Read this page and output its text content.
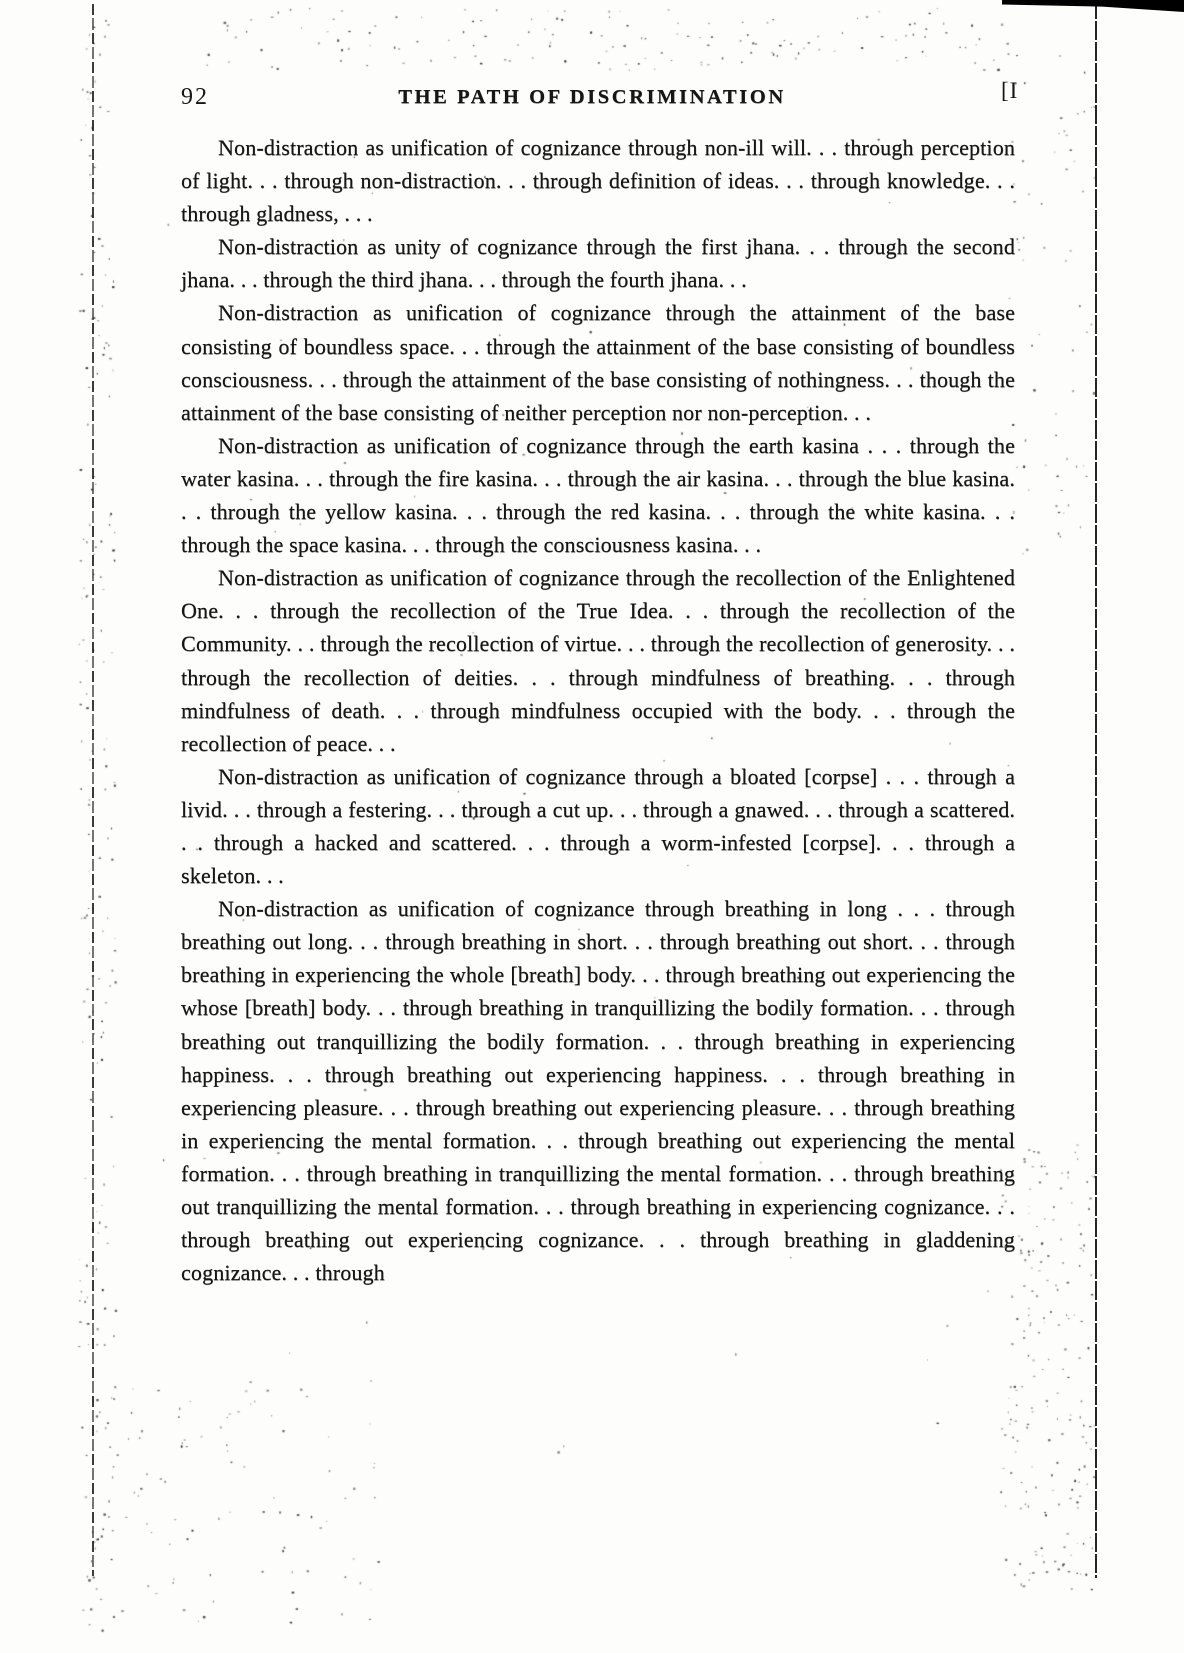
92	THE PATH OF DISCRIMINATION	[I

Non-distraction as unification of cognizance through non-ill will. . . through perception of light. . . through non-distraction. . . through definition of ideas. . . through knowledge. . . through gladness, . . .

Non-distraction as unity of cognizance through the first jhana. . . through the second jhana. . . through the third jhana. . . through the fourth jhana. . .

Non-distraction as unification of cognizance through the attainment of the base consisting of boundless space. . . through the attainment of the base consisting of boundless consciousness. . . through the attainment of the base consisting of nothingness. . . though the attainment of the base consisting of neither perception nor non-perception. . .

Non-distraction as unification of cognizance through the earth kasina . . . through the water kasina. . . through the fire kasina. . . through the air kasina. . . through the blue kasina. . . through the yellow kasina. . . through the red kasina. . . through the white kasina. . . through the space kasina. . . through the consciousness kasina. . .

Non-distraction as unification of cognizance through the recollection of the Enlightened One. . . through the recollection of the True Idea. . . through the recollection of the Community. . . through the recollection of virtue. . . through the recollection of generosity. . . through the recollection of deities. . . through mindfulness of breathing. . . through mindfulness of death. . . through mindfulness occupied with the body. . . through the recollection of peace. . .

Non-distraction as unification of cognizance through a bloated [corpse] . . . through a livid. . . through a festering. . . through a cut up. . . through a gnawed. . . through a scattered. . . through a hacked and scattered. . . through a worm-infested [corpse]. . . through a skeleton. . .

Non-distraction as unification of cognizance through breathing in long . . . through breathing out long. . . through breathing in short. . . through breathing out short. . . through breathing in experiencing the whole [breath] body. . . through breathing out experiencing the whose [breath] body. . . through breathing in tranquillizing the bodily formation. . . through breathing out tranquillizing the bodily formation. . . through breathing in experiencing happiness. . . through breathing out experiencing happiness. . . through breathing in experiencing pleasure. . . through breathing out experiencing pleasure. . . through breathing in experiencing the mental formation. . . through breathing out experiencing the mental formation. . . through breathing in tranquillizing the mental formation. . . through breathing out tranquillizing the mental formation. . . through breathing in experiencing cognizance. . . through breathing out experiencing cognizance. . . through breathing in gladdening cognizance. . . through
